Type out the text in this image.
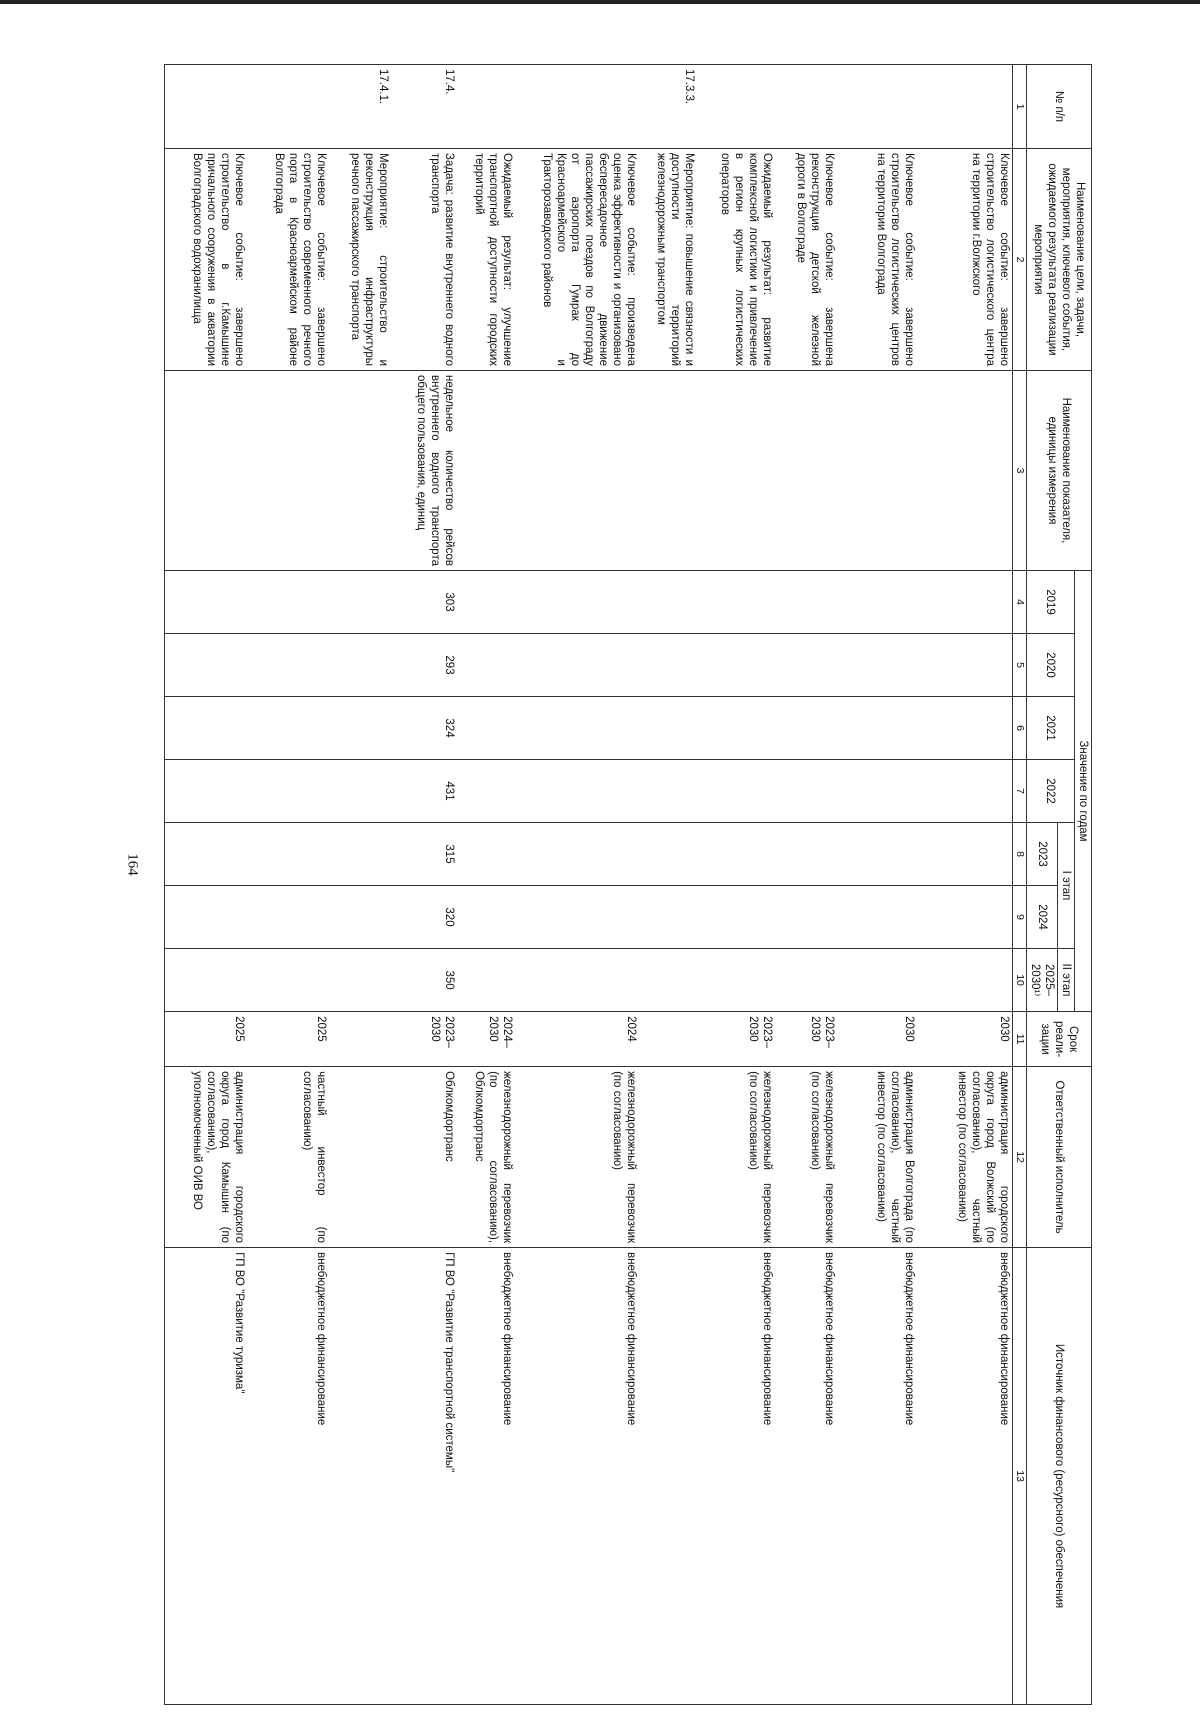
164
№ п/п	Наименование цели, задачи, мероприятия, ключевого события, ожидаемого результата реализации мероприятия	Наименование показателя, единицы измерения	Значение по годам							Срок реали-зации	Ответственный исполнитель	Источник финансового (ресурсного) обеспечения
			2019	2020	2021	2022	I этап		II этап			
							2023	2024	2025–2030¹⁾			
1	2	3	4	5	6	7	8	9	10	11	12	13
	Ключевое событие: завершено строительство логистического центра на территории г.Волжского									2030	администрация городского округа город Волжский (по согласованию), частный инвестор (по согласованию)	внебюджетное финансирование
	Ключевое событие: завершено строительство логистических центров на территории Волгограда									2030	администрация Волгограда (по согласованию), частный инвестор (по согласованию)	внебюджетное финансирование
	Ключевое событие: завершена реконструкция детской железной дороги в Волгограде									2023–2030	железнодорожный перевозчик (по согласованию)	внебюджетное финансирование
	Ожидаемый результат: развитие комплексной логистики и привлечение в регион крупных логистических операторов									2023–2030	железнодорожный перевозчик (по согласованию)	внебюджетное финансирование
17.3.3.	Мероприятие: повышение связности и доступности территорий железнодорожным транспортом											
	Ключевое событие: произведена оценка эффективности и организовано беспересадочное движение пассажирских поездов по Волгограду от аэропорта Гумрак до Красноармейского и Тракторозаводского районов									2024	железнодорожный перевозчик (по согласованию)	внебюджетное финансирование
	Ожидаемый результат: улучшение транспортной доступности городских территорий									2024–2030	железнодорожный перевозчик (по согласованию), Облкомдортранс	внебюджетное финансирование
17.4.	Задача: развитие внутреннего водного транспорта	недельное количество рейсов внутреннего водного транспорта общего пользования, единиц	303	293	324	431	315	320	350	2023–2030	Облкомдортранс	ГП ВО "Развитие транспортной системы"
17.4.1.	Мероприятие: строительство и реконструкция инфраструктуры речного пассажирского транспорта											
	Ключевое событие: завершено строительство современного речного порта в Красноармейском районе Волгограда									2025	частный инвестор (по согласованию)	внебюджетное финансирование
	Ключевое событие: завершено строительство в г.Камышине причального сооружения в акватории Волгоградского водохранилища									2025	администрация городского округа город Камышин (по согласованию), уполномоченный ОИВ ВО	ГП ВО "Развитие туризма"
